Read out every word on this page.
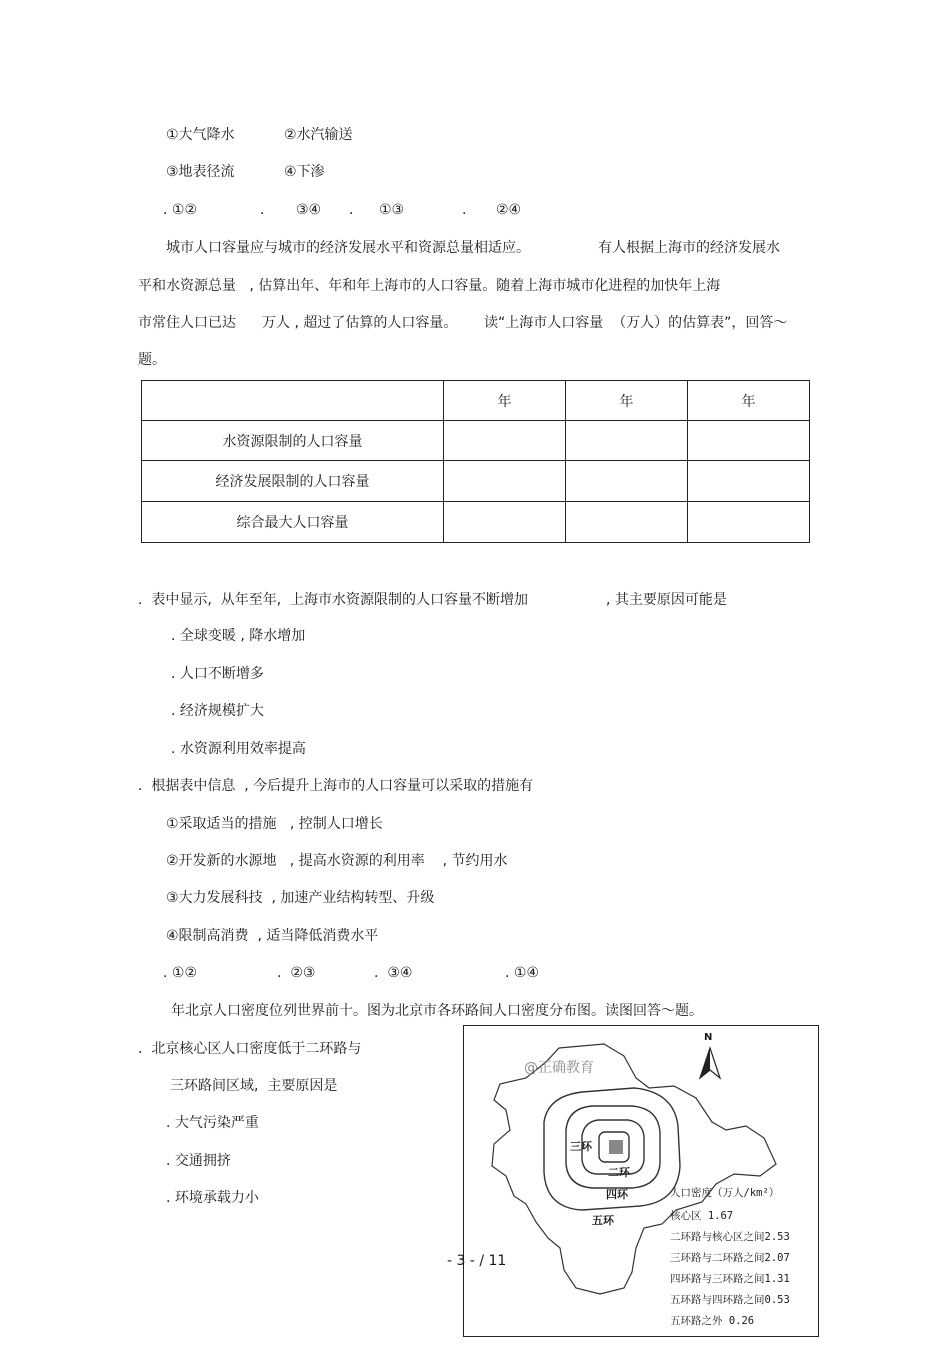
①大气降水	②水汽输送
③地表径流	④下渗
. ①②	. ③④ . ①③	. ②④
城市人口容量应与城市的经济发展水平和资源总量相适应。	有人根据上海市的经济发展水
平和水资源总量   , 估算出年、年和年上海市的人口容量。随着上海市城市化进程的加快年上海
市常住人口已达 万人 , 超过了估算的人口容量。 读“上海市人口容量  （万人）的估算表”，回答～
题。
	年	年	年
水资源限制的人口容量			
经济发展限制的人口容量			
综合最大人口容量			
.  表中显示,  从年至年,  上海市水资源限制的人口容量不断增加	, 其主要原因可能是
. 全球变暖 , 降水增加
. 人口不断增多
. 经济规模扩大
. 水资源利用效率提高
.  根据表中信息  , 今后提升上海市的人口容量可以采取的措施有
①采取适当的措施   , 控制人口增长
②开发新的水源地   , 提高水资源的利用率    , 节约用水
③大力发展科技  , 加速产业结构转型、升级
④限制高消费  , 适当降低消费水平
. ①②	.  ②③	.  ③④	. ①④
年北京人口密度位列世界前十。图为北京市各环路间人口密度分布图。读图回答～题。
.  北京核心区人口密度低于二环路与
三环路间区域,  主要原因是
. 大气污染严重
. 交通拥挤
. 环境承载力小
@正确教育
N
三环
二环
四环
五环
人口密度（万人/km²）
核心区 1.67
二环路与核心区之间2.53
三环路与二环路之间2.07
四环路与三环路之间1.31
五环路与四环路之间0.53
五环路之外 0.26
- 3 - / 11
